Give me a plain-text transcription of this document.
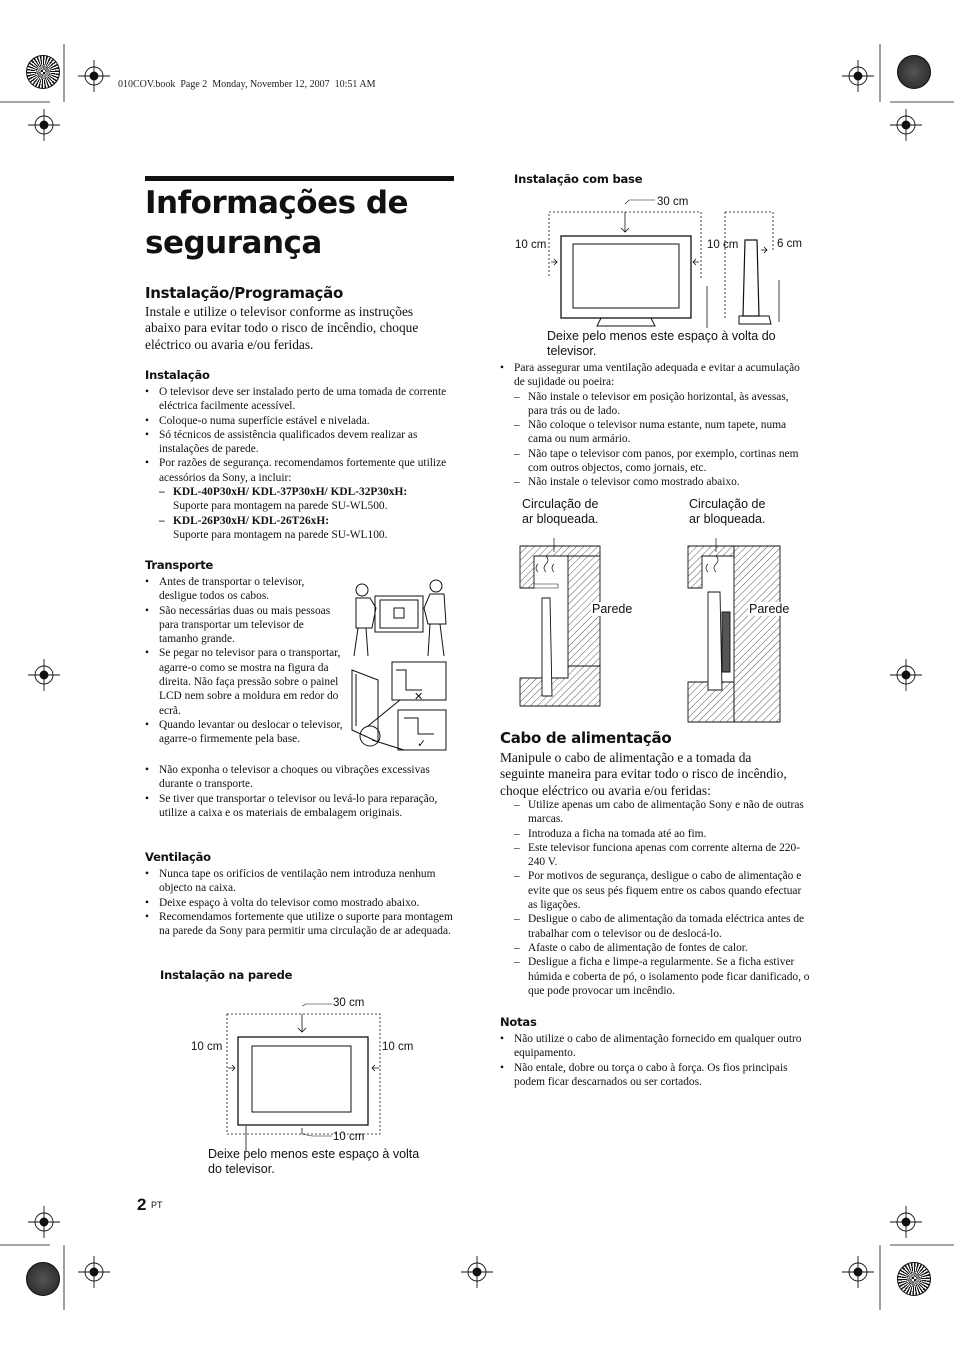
010COV.book  Page 2  Monday, November 12, 2007  10:51 AM
Informações de
segurança
Instalação/Programação
Instale e utilize o televisor conforme as instruções
abaixo para evitar todo o risco de incêndio, choque
eléctrico ou avaria e/ou feridas.
Instalação
• O televisor deve ser instalado perto de uma tomada de corrente eléctrica facilmente acessível.
• Coloque-o numa superfície estável e nivelada.
• Só técnicos de assistência qualificados devem realizar as instalações de parede.
• Por razões de segurança. recomendamos fortemente que utilize acessórios da Sony, a incluir:
– KDL-40P30xH/ KDL-37P30xH/ KDL-32P30xH:
Suporte para montagem na parede SU-WL500.
– KDL-26P30xH/ KDL-26T26xH:
Suporte para montagem na parede SU-WL100.
Transporte
• Antes de transportar o televisor, desligue todos os cabos.
• São necessárias duas ou mais pessoas para transportar um televisor de tamanho grande.
• Se pegar no televisor para o transportar, agarre-o como se mostra na figura da direita. Não faça pressão sobre o painel LCD nem sobre a moldura em redor do ecrã.
• Quando levantar ou deslocar o televisor, agarre-o firmemente pela base.
• Não exponha o televisor a choques ou vibrações excessivas durante o transporte.
• Se tiver que transportar o televisor ou levá-lo para reparação, utilize a caixa e os materiais de embalagem originais.
✕
✓
Ventilação
• Nunca tape os orifícios de ventilação nem introduza nenhum objecto na caixa.
• Deixe espaço à volta do televisor como mostrado abaixo.
• Recomendamos fortemente que utilize o suporte para montagem na parede da Sony para permitir uma circulação de ar adequada.
Instalação na parede
30 cm
10 cm	10 cm
10 cm
Deixe pelo menos este espaço à volta
do televisor.
2 PT
Instalação com base
30 cm
10 cm	10 cm	6 cm
Deixe pelo menos este espaço à volta do
televisor.
• Para assegurar uma ventilação adequada e evitar a acumulação de sujidade ou poeira:
– Não instale o televisor em posição horizontal, às avessas, para trás ou de lado.
– Não coloque o televisor numa estante, num tapete, numa cama ou num armário.
– Não tape o televisor com panos, por exemplo, cortinas nem com outros objectos, como jornais, etc.
– Não instale o televisor como mostrado abaixo.
Circulação de
ar bloqueada.
Circulação de
ar bloqueada.
Parede	Parede
Cabo de alimentação
Manipule o cabo de alimentação e a tomada da
seguinte maneira para evitar todo o risco de incêndio,
choque eléctrico ou avaria e/ou feridas:
– Utilize apenas um cabo de alimentação Sony e não de outras marcas.
– Introduza a ficha na tomada até ao fim.
– Este televisor funciona apenas com corrente alterna de 220-240 V.
– Por motivos de segurança, desligue o cabo de alimentação e evite que os seus pés fiquem entre os cabos quando efectuar as ligações.
– Desligue o cabo de alimentação da tomada eléctrica antes de trabalhar com o televisor ou de deslocá-lo.
– Afaste o cabo de alimentação de fontes de calor.
– Desligue a ficha e limpe-a regularmente. Se a ficha estiver húmida e coberta de pó, o isolamento pode ficar danificado, o que pode provocar um incêndio.
Notas
• Não utilize o cabo de alimentação fornecido em qualquer outro equipamento.
• Não entale, dobre ou torça o cabo à força. Os fios principais podem ficar descarnados ou ser cortados.
